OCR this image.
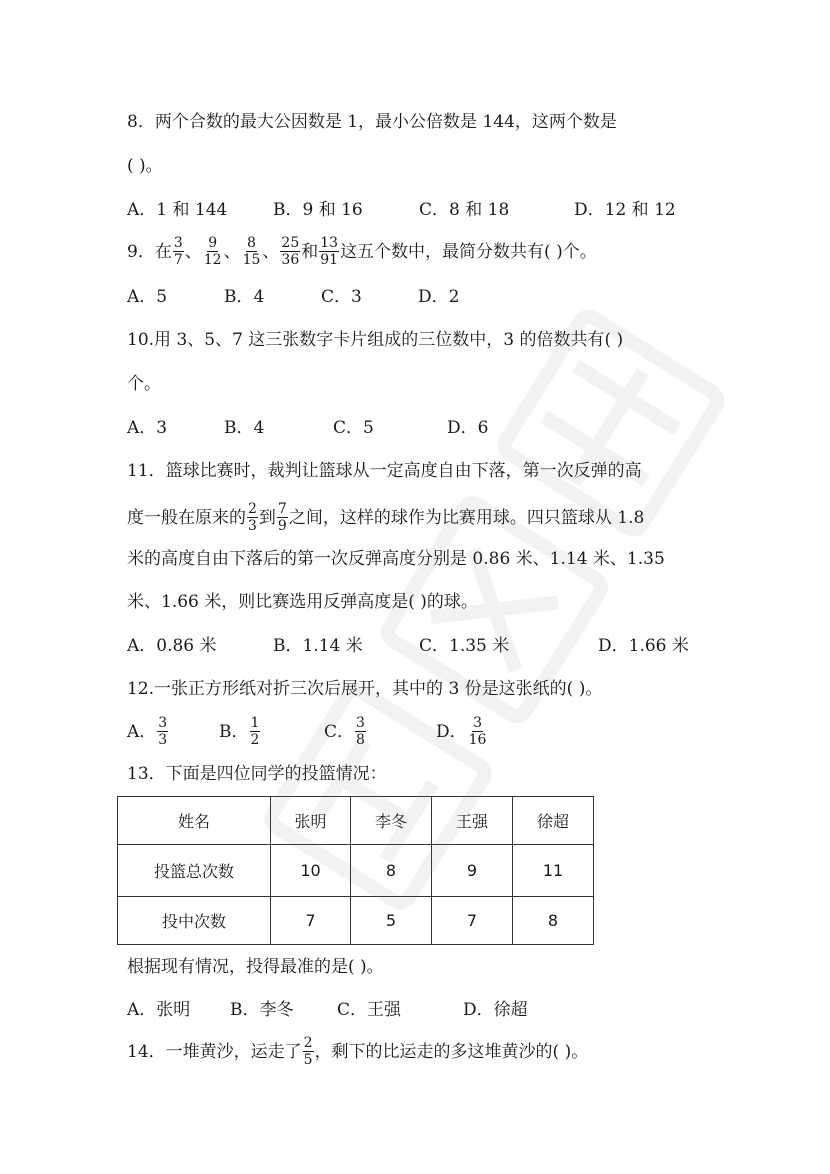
8．两个合数的最大公因数是 1，最小公倍数是 144，这两个数是
( )。
A．1 和 144	B．9 和 16	C．8 和 18	D．12 和 12
9．在 $\frac{3}{7}$ 、 $\frac{9}{12}$ 、 $\frac{8}{15}$ 、 $\frac{25}{36}$ 和 $\frac{13}{91}$ 这五个数中，最简分数共有( )个。
A．5	B．4	C．3	D．2
10.用 3、5、7 这三张数字卡片组成的三位数中，3 的倍数共有( )
个。
A．3	B．4	C．5	D．6
11．篮球比赛时，裁判让篮球从一定高度自由下落，第一次反弹的高
度一般在原来的 $\frac{2}{3}$ 到 $\frac{7}{9}$ 之间，这样的球作为比赛用球。四只篮球从 1.8
米的高度自由下落后的第一次反弹高度分别是 0.86 米、1.14 米、1.35
米、1.66 米，则比赛选用反弹高度是( )的球。
A．0.86 米	B．1.14 米	C．1.35 米	D．1.66 米
12.一张正方形纸对折三次后展开，其中的 3 份是这张纸的( )。
A． $\frac{3}{3}$	B． $\frac{1}{2}$	C． $\frac{3}{8}$	D． $\frac{3}{16}$
13．下面是四位同学的投篮情况：
姓名	张明	李冬	王强	徐超
投篮总次数	10	8	9	11
投中次数	7	5	7	8
根据现有情况，投得最准的是( )。
A．张明 B．李冬	C．王强	D．徐超
14．一堆黄沙，运走了 $\frac{2}{5}$ ，剩下的比运走的多这堆黄沙的( )。
